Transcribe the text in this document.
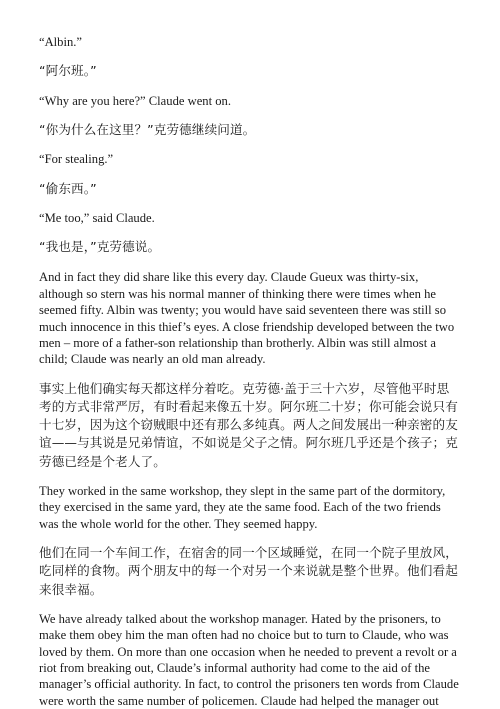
“Albin.”

“阿尔班。”

“Why are you here?” Claude went on.

“你为什么在这里？”克劳德继续问道。

“For stealing.”

“偷东西。”

“Me too,” said Claude.

“我也是，”克劳德说。

And in fact they did share like this every day. Claude Gueux was thirty-six, although so stern was his normal manner of thinking there were times when he seemed fifty. Albin was twenty; you would have said seventeen there was still so much innocence in this thief’s eyes. A close friendship developed between the two men – more of a father-son relationship than brotherly. Albin was still almost a child; Claude was nearly an old man already.

事实上他们确实每天都这样分着吃。克劳德·盖于三十六岁，尽管他平时思考的方式非常严厉，有时看起来像五十岁。阿尔班二十岁；你可能会说只有十七岁，因为这个窃贼眼中还有那么多纯真。两人之间发展出一种亲密的友谊——与其说是兄弟情谊，不如说是父子之情。阿尔班几乎还是个孩子；克劳德已经是个老人了。

They worked in the same workshop, they slept in the same part of the dormitory, they exercised in the same yard, they ate the same food. Each of the two friends was the whole world for the other. They seemed happy.

他们在同一个车间工作，在宿舍的同一个区域睡觉，在同一个院子里放风，吃同样的食物。两个朋友中的每一个对另一个来说就是整个世界。他们看起来很幸福。

We have already talked about the workshop manager. Hated by the prisoners, to make them obey him the man often had no choice but to turn to Claude, who was loved by them. On more than one occasion when he needed to prevent a revolt or a riot from breaking out, Claude’s informal authority had come to the aid of the manager’s official authority. In fact, to control the prisoners ten words from Claude were worth the same number of policemen. Claude had helped the manager out
